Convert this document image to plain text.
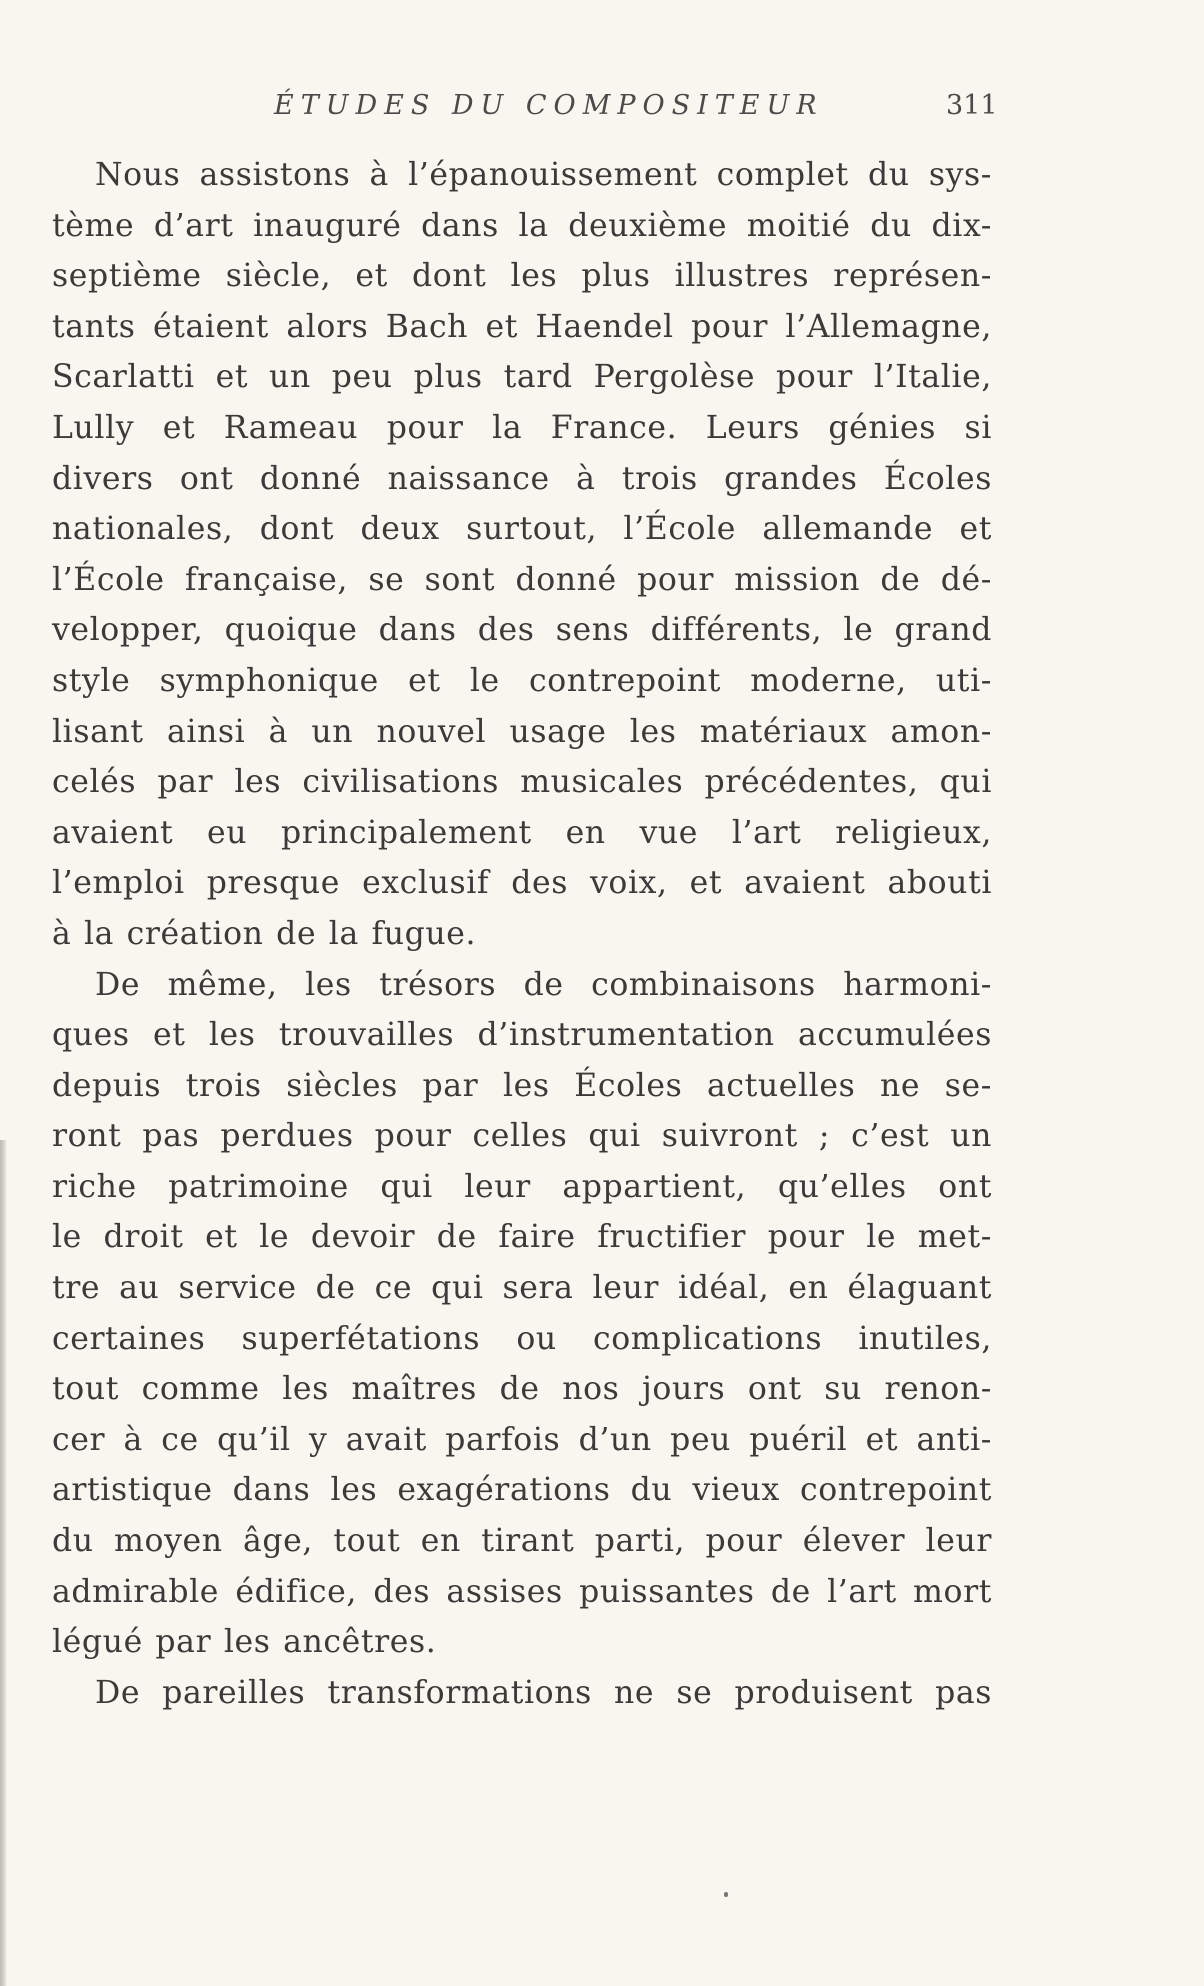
ÉTUDES DU COMPOSITEUR	311
Nous assistons à l’épanouissement complet du sys-
tème d’art inauguré dans la deuxième moitié du dix-
septième siècle, et dont les plus illustres représen-
tants étaient alors Bach et Haendel pour l’Allemagne,
Scarlatti et un peu plus tard Pergolèse pour l’Italie,
Lully et Rameau pour la France. Leurs génies si
divers ont donné naissance à trois grandes Écoles
nationales, dont deux surtout, l’École allemande et
l’École française, se sont donné pour mission de dé-
velopper, quoique dans des sens différents, le grand
style symphonique et le contrepoint moderne, uti-
lisant ainsi à un nouvel usage les matériaux amon-
celés par les civilisations musicales précédentes, qui
avaient eu principalement en vue l’art religieux,
l’emploi presque exclusif des voix, et avaient abouti
à la création de la fugue.
De même, les trésors de combinaisons harmoni-
ques et les trouvailles d’instrumentation accumulées
depuis trois siècles par les Écoles actuelles ne se-
ront pas perdues pour celles qui suivront ; c’est un
riche patrimoine qui leur appartient, qu’elles ont
le droit et le devoir de faire fructifier pour le met-
tre au service de ce qui sera leur idéal, en élaguant
certaines superfétations ou complications inutiles,
tout comme les maîtres de nos jours ont su renon-
cer à ce qu’il y avait parfois d’un peu puéril et anti-
artistique dans les exagérations du vieux contrepoint
du moyen âge, tout en tirant parti, pour élever leur
admirable édifice, des assises puissantes de l’art mort
légué par les ancêtres.
De pareilles transformations ne se produisent pas
